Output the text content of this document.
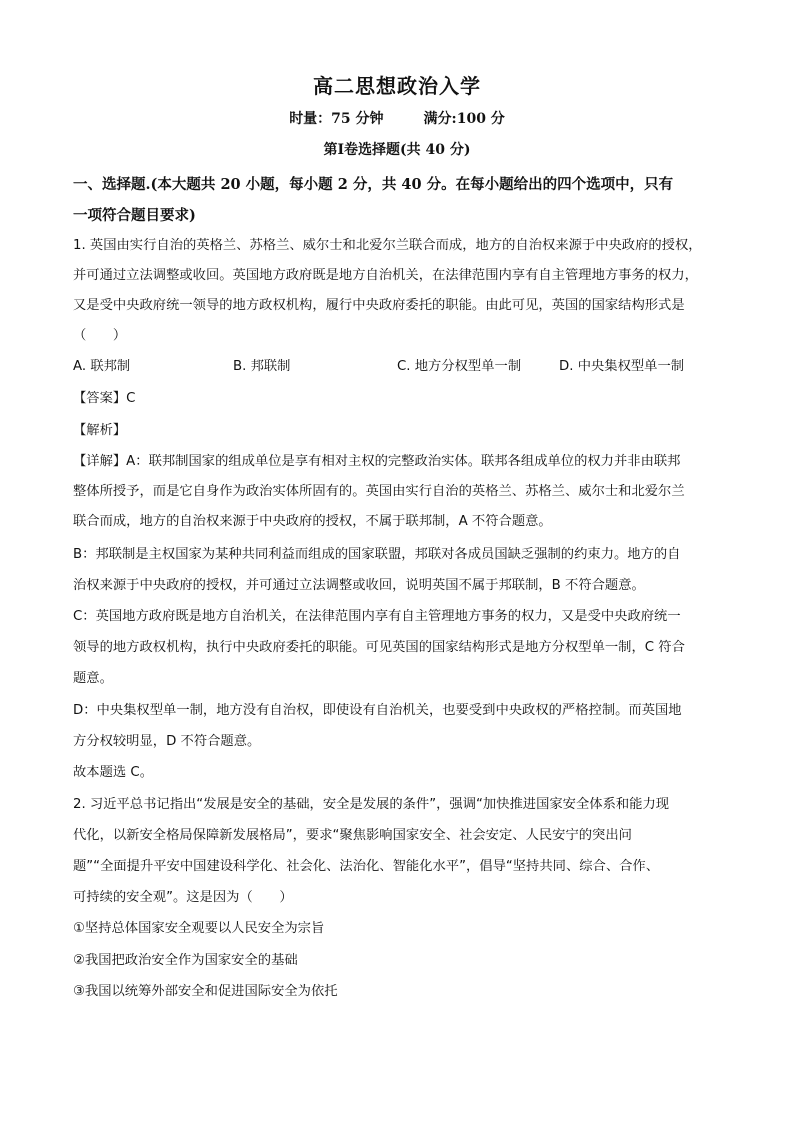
高二思想政治入学
时量：75 分钟	满分:100 分
第Ⅰ卷选择题(共 40 分)
一、选择题.(本大题共 20 小题，每小题 2 分，共 40 分。在每小题给出的四个选项中，只有
一项符合题目要求)
1. 英国由实行自治的英格兰、苏格兰、威尔士和北爱尔兰联合而成，地方的自治权来源于中央政府的授权，
并可通过立法调整或收回。英国地方政府既是地方自治机关，在法律范围内享有自主管理地方事务的权力，
又是受中央政府统一领导的地方政权机构，履行中央政府委托的职能。由此可见，英国的国家结构形式是
（　　）
A. 联邦制	B. 邦联制	C. 地方分权型单一制	D. 中央集权型单一制
【答案】C
【解析】
【详解】A：联邦制国家的组成单位是享有相对主权的完整政治实体。联邦各组成单位的权力并非由联邦
整体所授予，而是它自身作为政治实体所固有的。英国由实行自治的英格兰、苏格兰、威尔士和北爱尔兰
联合而成，地方的自治权来源于中央政府的授权，不属于联邦制，A 不符合题意。
B：邦联制是主权国家为某种共同利益而组成的国家联盟，邦联对各成员国缺乏强制的约束力。地方的自
治权来源于中央政府的授权，并可通过立法调整或收回，说明英国不属于邦联制，B 不符合题意。
C：英国地方政府既是地方自治机关，在法律范围内享有自主管理地方事务的权力，又是受中央政府统一
领导的地方政权机构，执行中央政府委托的职能。可见英国的国家结构形式是地方分权型单一制，C 符合
题意。
D：中央集权型单一制，地方没有自治权，即使设有自治机关，也要受到中央政权的严格控制。而英国地
方分权较明显，D 不符合题意。
故本题选 C。
2. 习近平总书记指出“发展是安全的基础，安全是发展的条件”，强调“加快推进国家安全体系和能力现
代化，以新安全格局保障新发展格局”，要求“聚焦影响国家安全、社会安定、人民安宁的突出问
题”“全面提升平安中国建设科学化、社会化、法治化、智能化水平”，倡导“坚持共同、综合、合作、
可持续的安全观”。这是因为（　　）
①坚持总体国家安全观要以人民安全为宗旨
②我国把政治安全作为国家安全的基础
③我国以统筹外部安全和促进国际安全为依托
